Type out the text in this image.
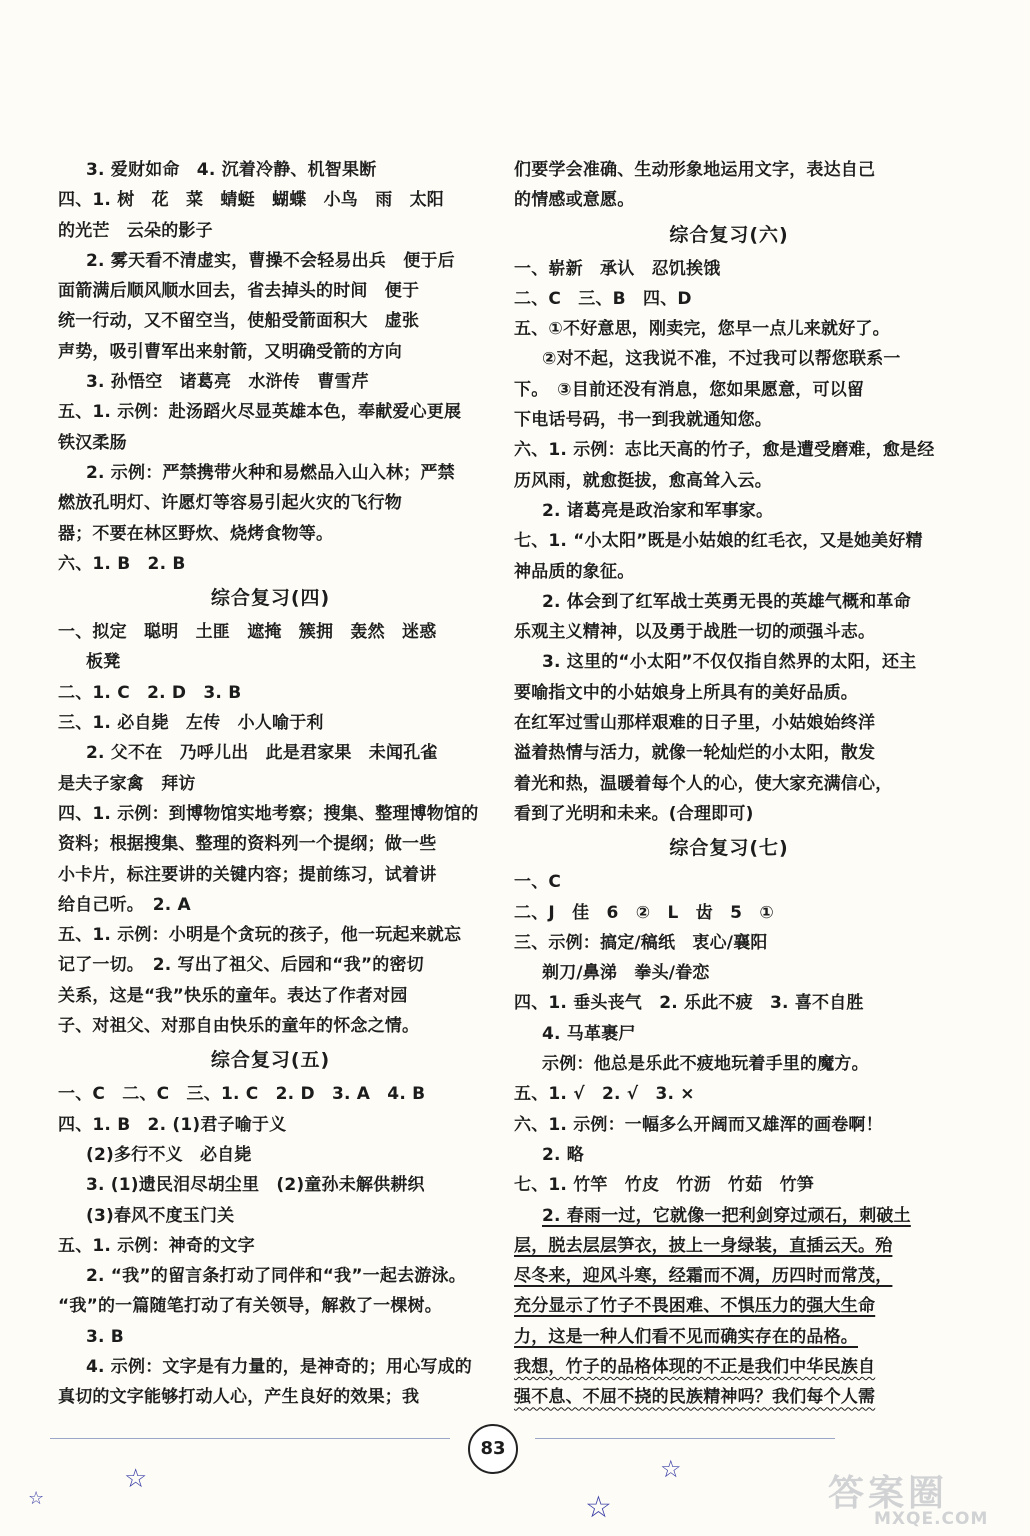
3. 爱财如命　4. 沉着冷静、机智果断
四、1. 树　花　菜　蜻蜓　蝴蝶　小鸟　雨　太阳
的光芒　云朵的影子
2. 雾天看不清虚实，曹操不会轻易出兵　便于后
面箭满后顺风顺水回去，省去掉头的时间　便于
统一行动，又不留空当，使船受箭面积大　虚张
声势，吸引曹军出来射箭，又明确受箭的方向
3. 孙悟空　诸葛亮　水浒传　曹雪芹
五、1. 示例：赴汤蹈火尽显英雄本色，奉献爱心更展
铁汉柔肠
2. 示例：严禁携带火种和易燃品入山入林；严禁
燃放孔明灯、许愿灯等容易引起火灾的飞行物
器；不要在林区野炊、烧烤食物等。
六、1. B　2. B
综合复习(四)
一、拟定　聪明　土匪　遮掩　簇拥　轰然　迷惑
板凳
二、1. C　2. D　3. B
三、1. 必自毙　左传　小人喻于利
2. 父不在　乃呼儿出　此是君家果　未闻孔雀
是夫子家禽　拜访
四、1. 示例：到博物馆实地考察；搜集、整理博物馆的
资料；根据搜集、整理的资料列一个提纲；做一些
小卡片，标注要讲的关键内容；提前练习，试着讲
给自己听。　2. A
五、1. 示例：小明是个贪玩的孩子，他一玩起来就忘
记了一切。　2. 写出了祖父、后园和“我”的密切
关系，这是“我”快乐的童年。表达了作者对园
子、对祖父、对那自由快乐的童年的怀念之情。
综合复习(五)
一、C　二、C　三、1. C　2. D　3. A　4. B
四、1. B　2. (1)君子喻于义
(2)多行不义　必自毙
3. (1)遗民泪尽胡尘里　(2)童孙未解供耕织
(3)春风不度玉门关
五、1. 示例：神奇的文字
2. “我”的留言条打动了同伴和“我”一起去游泳。
“我”的一篇随笔打动了有关领导，解救了一棵树。
3. B
4. 示例：文字是有力量的，是神奇的；用心写成的
真切的文字能够打动人心，产生良好的效果；我
们要学会准确、生动形象地运用文字，表达自己
的情感或意愿。
综合复习(六)
一、崭新　承认　忍饥挨饿
二、C　三、B　四、D
五、①不好意思，刚卖完，您早一点儿来就好了。
②对不起，这我说不准，不过我可以帮您联系一
下。　③目前还没有消息，您如果愿意，可以留
下电话号码，书一到我就通知您。
六、1. 示例：志比天高的竹子，愈是遭受磨难，愈是经
历风雨，就愈挺拔，愈高耸入云。
2. 诸葛亮是政治家和军事家。
七、1. “小太阳”既是小姑娘的红毛衣，又是她美好精
神品质的象征。
2. 体会到了红军战士英勇无畏的英雄气概和革命
乐观主义精神，以及勇于战胜一切的顽强斗志。
3. 这里的“小太阳”不仅仅指自然界的太阳，还主
要喻指文中的小姑娘身上所具有的美好品质。
在红军过雪山那样艰难的日子里，小姑娘始终洋
溢着热情与活力，就像一轮灿烂的小太阳，散发
着光和热，温暖着每个人的心，使大家充满信心，
看到了光明和未来。(合理即可)
综合复习(七)
一、C
二、J　佳　6　②　L　齿　5　①
三、示例：搞定/稿纸　衷心/襄阳
剃刀/鼻涕　拳头/眷恋
四、1. 垂头丧气　2. 乐此不疲　3. 喜不自胜
4. 马革裹尸
示例：他总是乐此不疲地玩着手里的魔方。
五、1. √　2. √　3. ×
六、1. 示例：一幅多么开阔而又雄浑的画卷啊！
2. 略
七、1. 竹竿　竹皮　竹沥　竹茹　竹笋
2. 春雨一过，它就像一把利剑穿过顽石，刺破土
层，脱去层层笋衣，披上一身绿装，直插云天。殆
尽冬来，迎风斗寒，经霜而不凋，历四时而常茂，
充分显示了竹子不畏困难、不惧压力的强大生命
力，这是一种人们看不见而确实存在的品格。
我想，竹子的品格体现的不正是我们中华民族自
强不息、不屈不挠的民族精神吗？我们每个人需
83
☆
☆
☆
☆
答案圈
MXQE.COM
